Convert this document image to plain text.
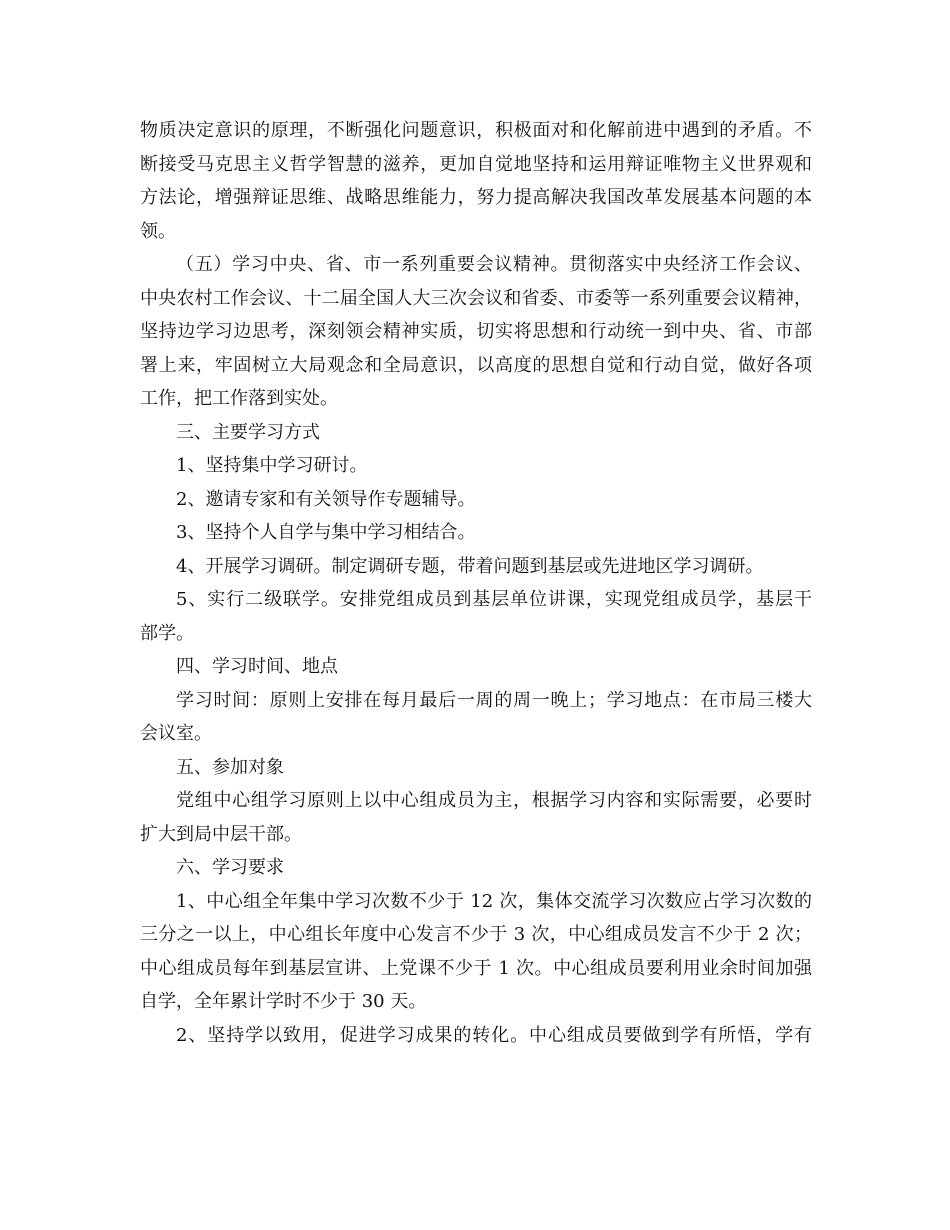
物质决定意识的原理，不断强化问题意识，积极面对和化解前进中遇到的矛盾。不
断接受马克思主义哲学智慧的滋养，更加自觉地坚持和运用辩证唯物主义世界观和
方法论，增强辩证思维、战略思维能力，努力提高解决我国改革发展基本问题的本
领。
（五）学习中央、省、市一系列重要会议精神。贯彻落实中央经济工作会议、
中央农村工作会议、十二届全国人大三次会议和省委、市委等一系列重要会议精神，
坚持边学习边思考，深刻领会精神实质，切实将思想和行动统一到中央、省、市部
署上来，牢固树立大局观念和全局意识，以高度的思想自觉和行动自觉，做好各项
工作，把工作落到实处。
三、主要学习方式
1、坚持集中学习研讨。
2、邀请专家和有关领导作专题辅导。
3、坚持个人自学与集中学习相结合。
4、开展学习调研。制定调研专题，带着问题到基层或先进地区学习调研。
5、实行二级联学。安排党组成员到基层单位讲课，实现党组成员学，基层干
部学。
四、学习时间、地点
学习时间：原则上安排在每月最后一周的周一晚上；学习地点：在市局三楼大
会议室。
五、参加对象
党组中心组学习原则上以中心组成员为主，根据学习内容和实际需要，必要时
扩大到局中层干部。
六、学习要求
1、中心组全年集中学习次数不少于 12 次，集体交流学习次数应占学习次数的
三分之一以上，中心组长年度中心发言不少于 3 次，中心组成员发言不少于 2 次；
中心组成员每年到基层宣讲、上党课不少于 1 次。中心组成员要利用业余时间加强
自学，全年累计学时不少于 30 天。
2、坚持学以致用，促进学习成果的转化。中心组成员要做到学有所悟，学有
